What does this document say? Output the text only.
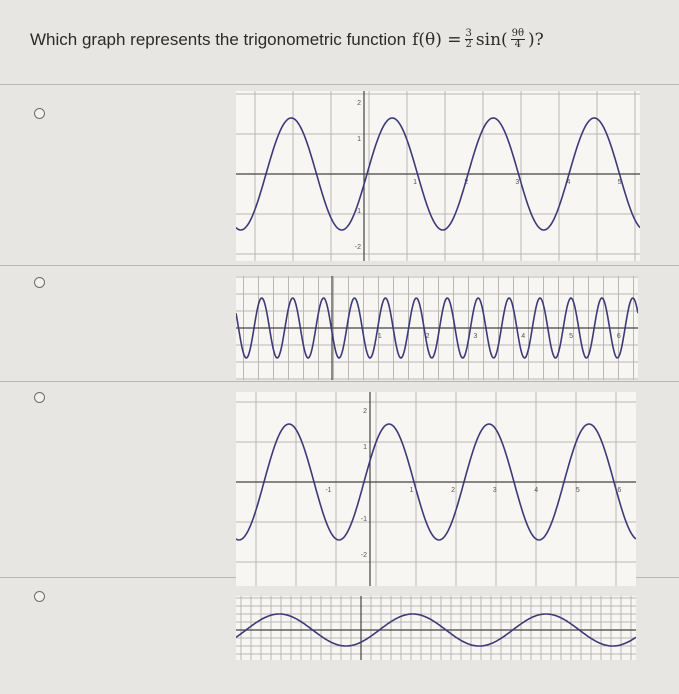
Which graph represents the trigonometric function $f(\theta) = \frac{3}{2} \sin( \frac{9\theta}{4}$ )?
2
1
-1
-2
1	2	3	4	5
1	2	3	4	5	6
2
1
-1
-2
-1	1	2	3	4	5	6
